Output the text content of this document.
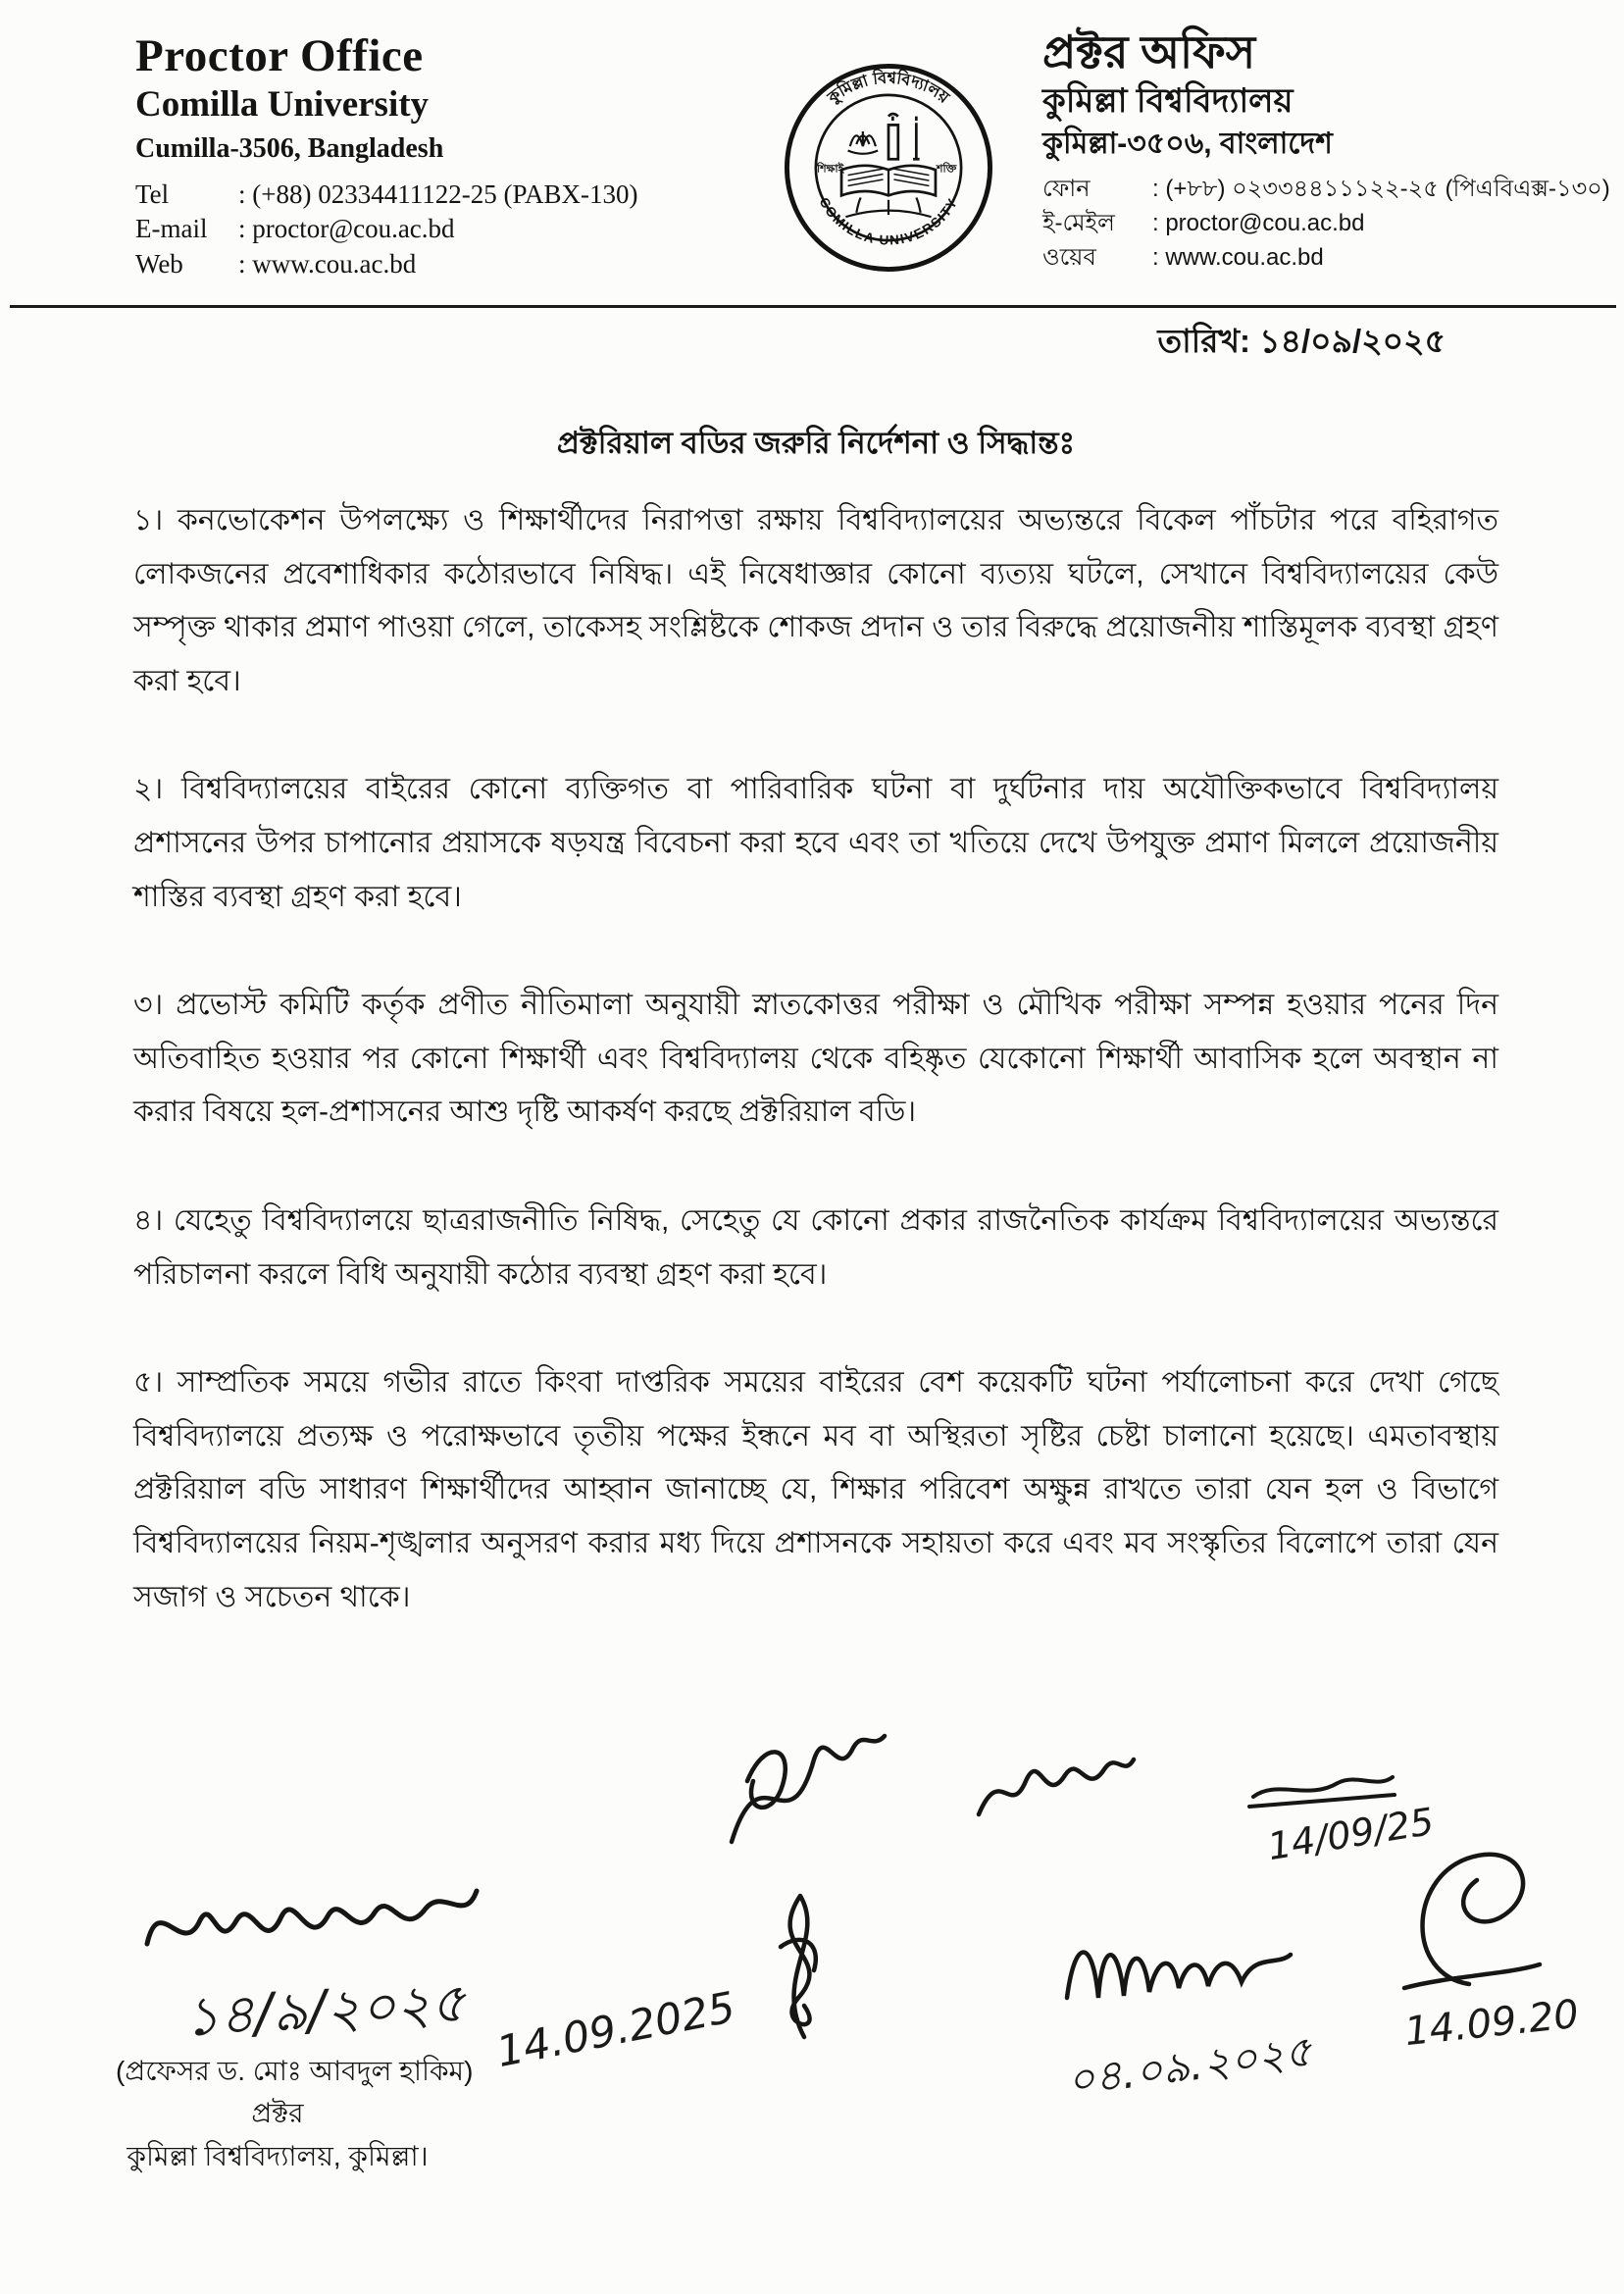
Proctor Office
Comilla University
Cumilla-3506, Bangladesh
Tel	: (+88) 02334411122-25 (PABX-130)
E-mail	: proctor@cou.ac.bd
Web	: www.cou.ac.bd
কুমিল্লা বিশ্ববিদ্যালয়
COMILLA UNIVERSITY
শিক্ষাই	শক্তি
প্রক্টর অফিস
কুমিল্লা বিশ্ববিদ্যালয়
কুমিল্লা-৩৫০৬, বাংলাদেশ
ফোন	: (+৮৮) ০২৩৩৪৪১১১২২-২৫ (পিএবিএক্স-১৩০)
ই-মেইল	: proctor@cou.ac.bd
ওয়েব	: www.cou.ac.bd
তারিখ: ১৪/০৯/২০২৫
প্রক্টরিয়াল বডির জরুরি নির্দেশনা ও সিদ্ধান্তঃ

১। কনভোকেশন উপলক্ষ্যে ও শিক্ষার্থীদের নিরাপত্তা রক্ষায় বিশ্ববিদ্যালয়ের অভ্যন্তরে বিকেল পাঁচটার পরে বহিরাগত লোকজনের প্রবেশাধিকার কঠোরভাবে নিষিদ্ধ। এই নিষেধাজ্ঞার কোনো ব্যত্যয় ঘটলে, সেখানে বিশ্ববিদ্যালয়ের কেউ সম্পৃক্ত থাকার প্রমাণ পাওয়া গেলে, তাকেসহ সংশ্লিষ্টকে শোকজ প্রদান ও তার বিরুদ্ধে প্রয়োজনীয় শাস্তিমূলক ব্যবস্থা গ্রহণ করা হবে।

২। বিশ্ববিদ্যালয়ের বাইরের কোনো ব্যক্তিগত বা পারিবারিক ঘটনা বা দুর্ঘটনার দায় অযৌক্তিকভাবে বিশ্ববিদ্যালয় প্রশাসনের উপর চাপানোর প্রয়াসকে ষড়যন্ত্র বিবেচনা করা হবে এবং তা খতিয়ে দেখে উপযুক্ত প্রমাণ মিললে প্রয়োজনীয় শাস্তির ব্যবস্থা গ্রহণ করা হবে।

৩। প্রভোস্ট কমিটি কর্তৃক প্রণীত নীতিমালা অনুযায়ী স্নাতকোত্তর পরীক্ষা ও মৌখিক পরীক্ষা সম্পন্ন হওয়ার পনের দিন অতিবাহিত হওয়ার পর কোনো শিক্ষার্থী এবং বিশ্ববিদ্যালয় থেকে বহিষ্কৃত যেকোনো শিক্ষার্থী আবাসিক হলে অবস্থান না করার বিষয়ে হল-প্রশাসনের আশু দৃষ্টি আকর্ষণ করছে প্রক্টরিয়াল বডি।

৪। যেহেতু বিশ্ববিদ্যালয়ে ছাত্ররাজনীতি নিষিদ্ধ, সেহেতু যে কোনো প্রকার রাজনৈতিক কার্যক্রম বিশ্ববিদ্যালয়ের অভ্যন্তরে পরিচালনা করলে বিধি অনুযায়ী কঠোর ব্যবস্থা গ্রহণ করা হবে।

৫। সাম্প্রতিক সময়ে গভীর রাতে কিংবা দাপ্তরিক সময়ের বাইরের বেশ কয়েকটি ঘটনা পর্যালোচনা করে দেখা গেছে বিশ্ববিদ্যালয়ে প্রত্যক্ষ ও পরোক্ষভাবে তৃতীয় পক্ষের ইন্ধনে মব বা অস্থিরতা সৃষ্টির চেষ্টা চালানো হয়েছে। এমতাবস্থায় প্রক্টরিয়াল বডি সাধারণ শিক্ষার্থীদের আহ্বান জানাচ্ছে যে, শিক্ষার পরিবেশ অক্ষুন্ন রাখতে তারা যেন হল ও বিভাগে বিশ্ববিদ্যালয়ের নিয়ম-শৃঙ্খলার অনুসরণ করার মধ্য দিয়ে প্রশাসনকে সহায়তা করে এবং মব সংস্কৃতির বিলোপে তারা যেন সজাগ ও সচেতন থাকে।

১৪/৯/২০২৫
(প্রফেসর ড. মোঃ আবদুল হাকিম)
প্রক্টর
কুমিল্লা বিশ্ববিদ্যালয়, কুমিল্লা।
14/09/25
14.09.2025	০৪.০৯.২০২৫
14.09.20
